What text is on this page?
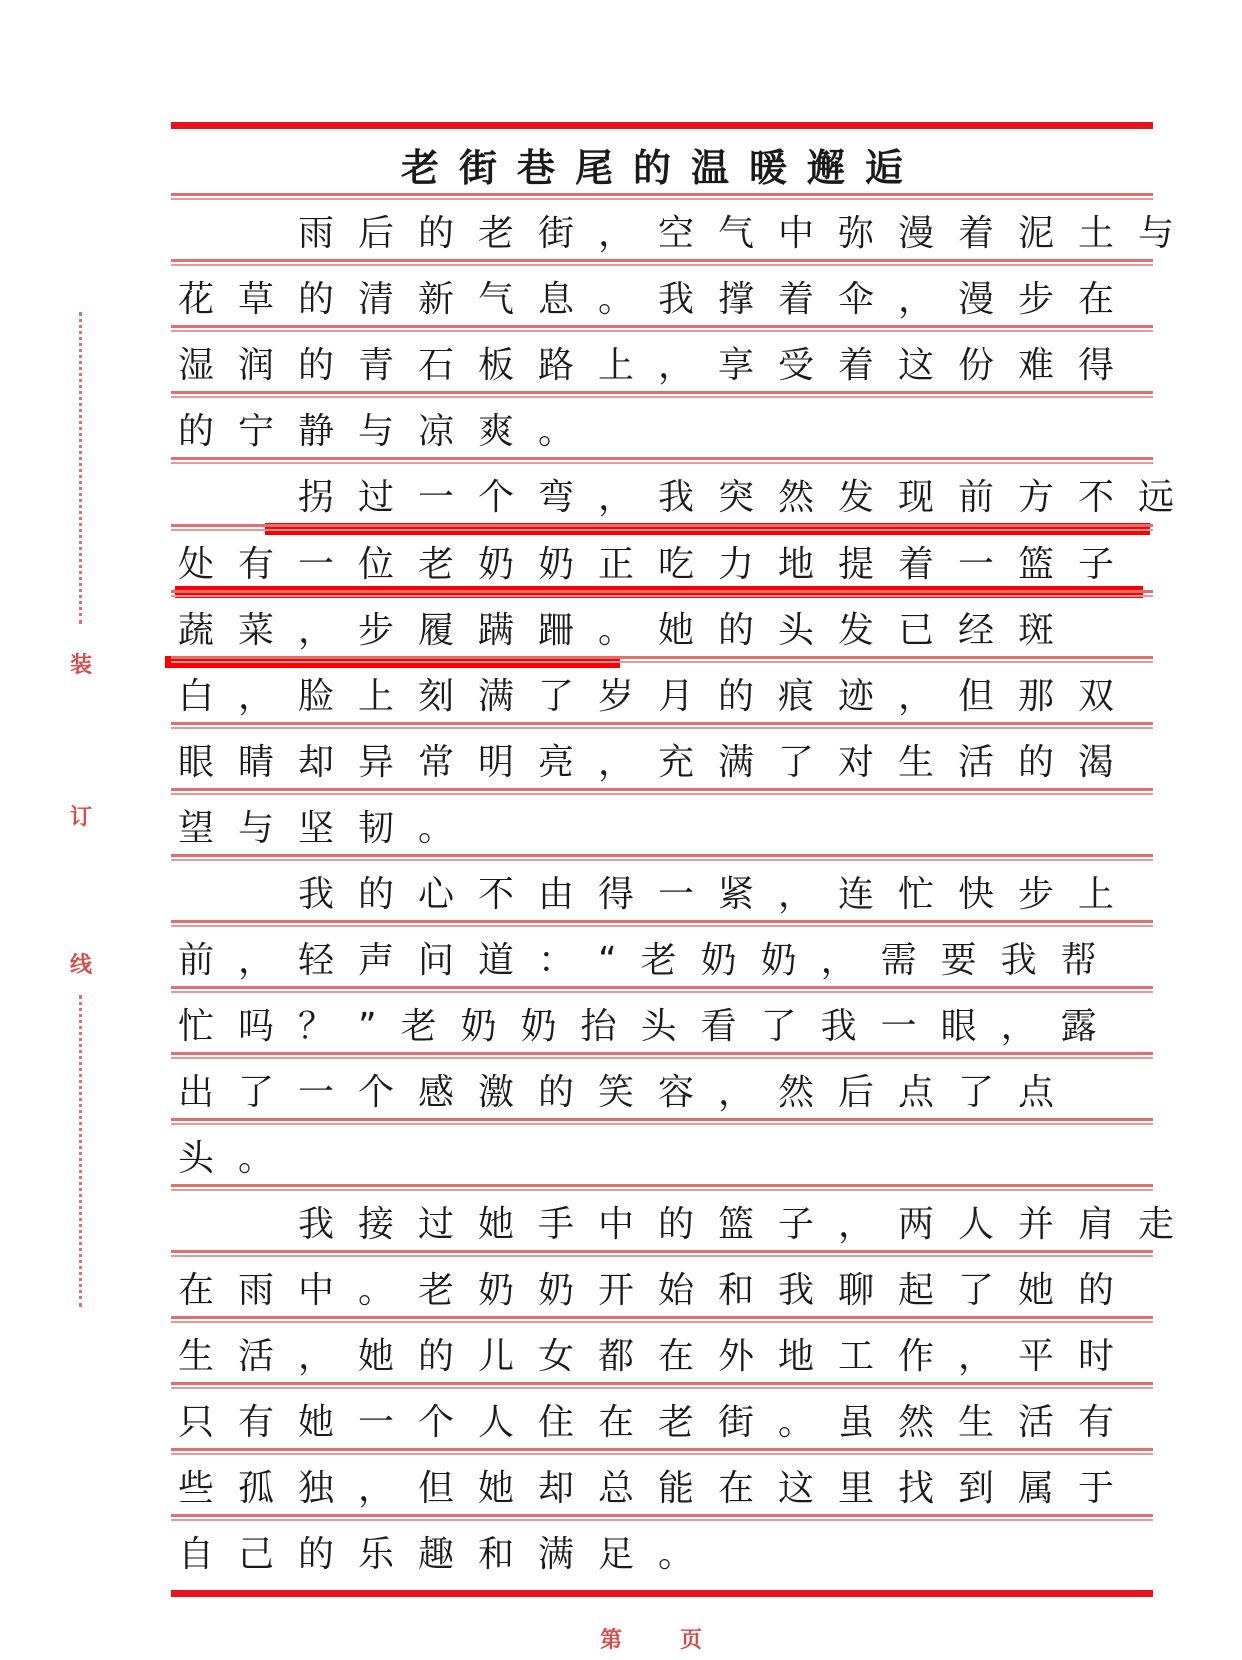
装
订
线
老街巷尾的温暖邂逅
　　雨后的老街，空气中弥漫着泥土与
花草的清新气息。我撑着伞，漫步在
湿润的青石板路上，享受着这份难得
的宁静与凉爽。
　　拐过一个弯，我突然发现前方不远
处有一位老奶奶正吃力地提着一篮子
蔬菜，步履蹒跚。她的头发已经斑
白，脸上刻满了岁月的痕迹，但那双
眼睛却异常明亮，充满了对生活的渴
望与坚韧。
　　我的心不由得一紧，连忙快步上
前，轻声问道：“老奶奶，需要我帮
忙吗？”老奶奶抬头看了我一眼，露
出了一个感激的笑容，然后点了点
头。
　　我接过她手中的篮子，两人并肩走
在雨中。老奶奶开始和我聊起了她的
生活，她的儿女都在外地工作，平时
只有她一个人住在老街。虽然生活有
些孤独，但她却总能在这里找到属于
自己的乐趣和满足。
第	页
